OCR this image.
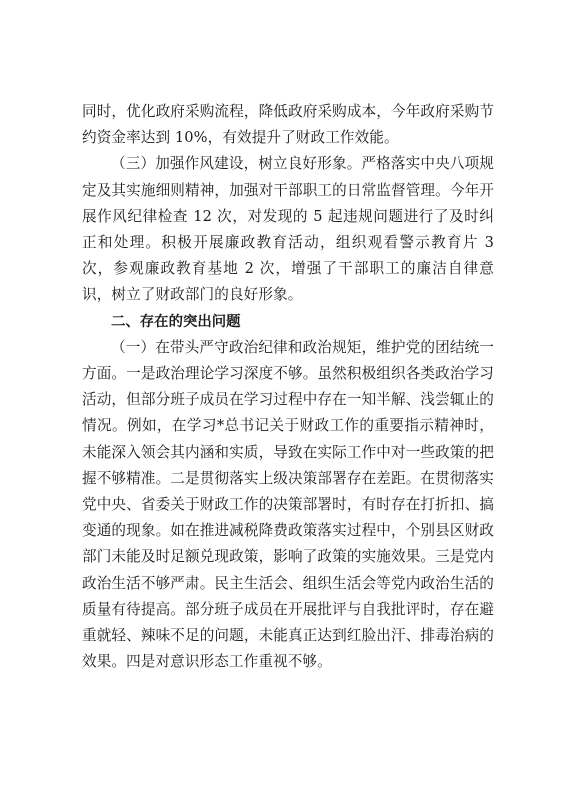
同时，优化政府采购流程，降低政府采购成本，今年政府采购节约资金率达到 10%，有效提升了财政工作效能。

（三）加强作风建设，树立良好形象。严格落实中央八项规定及其实施细则精神，加强对干部职工的日常监督管理。今年开展作风纪律检查 12 次，对发现的 5 起违规问题进行了及时纠正和处理。积极开展廉政教育活动，组织观看警示教育片 3 次，参观廉政教育基地 2 次，增强了干部职工的廉洁自律意识，树立了财政部门的良好形象。

二、存在的突出问题

（一）在带头严守政治纪律和政治规矩，维护党的团结统一方面。一是政治理论学习深度不够。虽然积极组织各类政治学习活动，但部分班子成员在学习过程中存在一知半解、浅尝辄止的情况。例如，在学习*总书记关于财政工作的重要指示精神时，未能深入领会其内涵和实质，导致在实际工作中对一些政策的把握不够精准。二是贯彻落实上级决策部署存在差距。在贯彻落实党中央、省委关于财政工作的决策部署时，有时存在打折扣、搞变通的现象。如在推进减税降费政策落实过程中，个别县区财政部门未能及时足额兑现政策，影响了政策的实施效果。三是党内政治生活不够严肃。民主生活会、组织生活会等党内政治生活的质量有待提高。部分班子成员在开展批评与自我批评时，存在避重就轻、辣味不足的问题，未能真正达到红脸出汗、排毒治病的效果。四是对意识形态工作重视不够。
